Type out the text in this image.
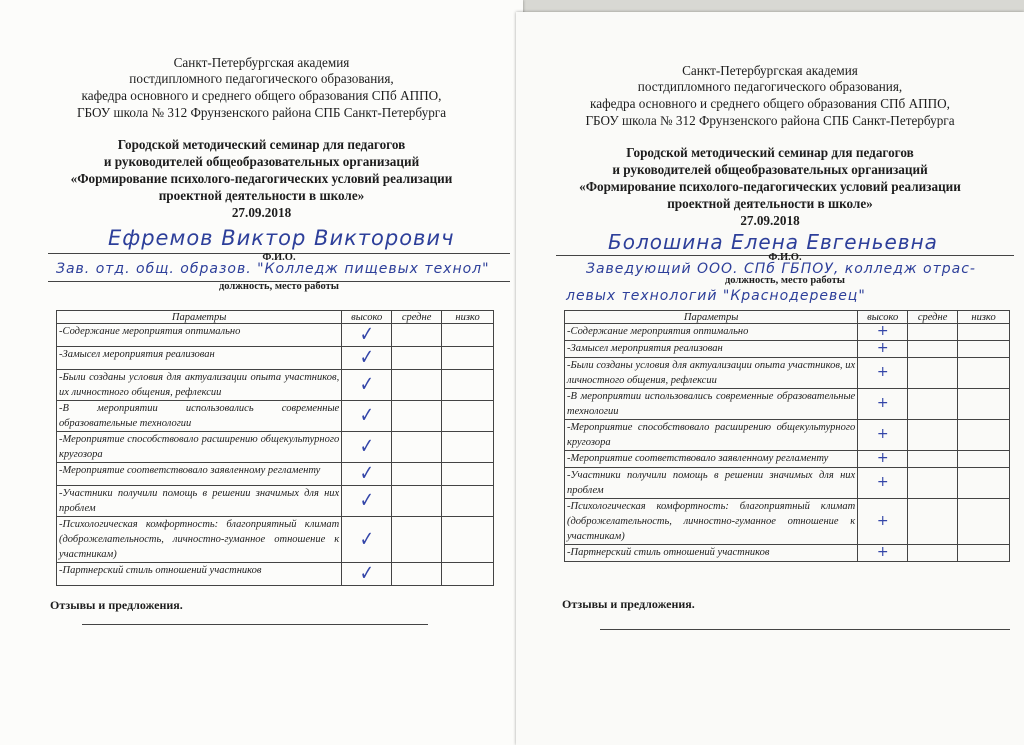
Санкт-Петербургская академия
постдипломного педагогического образования,
кафедра основного и среднего общего образования СПб АППО,
ГБОУ школа № 312 Фрунзенского района СПБ Санкт-Петербурга
Городской методический семинар для педагогов
и руководителей общеобразовательных организаций
«Формирование психолого-педагогических условий реализации
проектной деятельности в школе»
27.09.2018
Ефремов Виктор Викторович
Ф.И.О.
Зав. отд. общ. образов. "Колледж пищевых технол"
должность, место работы
Параметры	высоко	средне	низко
-Содержание мероприятия оптимально	✓		
-Замысел мероприятия реализован	✓		
-Были созданы условия для актуализации опыта участников, их личностного общения, рефлексии	✓		
-В мероприятии использовались современные образовательные технологии	✓		
-Мероприятие способствовало расширению общекультурного кругозора	✓		
-Мероприятие соответствовало заявленному регламенту	✓		
-Участники получили помощь в решении значимых для них проблем	✓		
-Психологическая комфортность: благоприятный климат (доброжелательность, личностно-гуманное отношение к участникам)	✓		
-Партнерский стиль отношений участников	✓		
Отзывы и предложения.
Санкт-Петербургская академия
постдипломного педагогического образования,
кафедра основного и среднего общего образования СПб АППО,
ГБОУ школа № 312 Фрунзенского района СПБ Санкт-Петербурга
Городской методический семинар для педагогов
и руководителей общеобразовательных организаций
«Формирование психолого-педагогических условий реализации
проектной деятельности в школе»
27.09.2018
Болошина Елена Евгеньевна
Ф.И.О.
Заведующий ООО. СПб ГБПОУ, колледж отрас-
должность, место работы
левых технологий "Краснодеревец"
Параметры	высоко	средне	низко
-Содержание мероприятия оптимально	+		
-Замысел мероприятия реализован	+		
-Были созданы условия для актуализации опыта участников, их личностного общения, рефлексии	+		
-В мероприятии использовались современные образовательные технологии	+		
-Мероприятие способствовало расширению общекультурного кругозора	+		
-Мероприятие соответствовало заявленному регламенту	+		
-Участники получили помощь в решении значимых для них проблем	+		
-Психологическая комфортность: благоприятный климат (доброжелательность, личностно-гуманное отношение к участникам)	+		
-Партнерский стиль отношений участников	+		
Отзывы и предложения.
